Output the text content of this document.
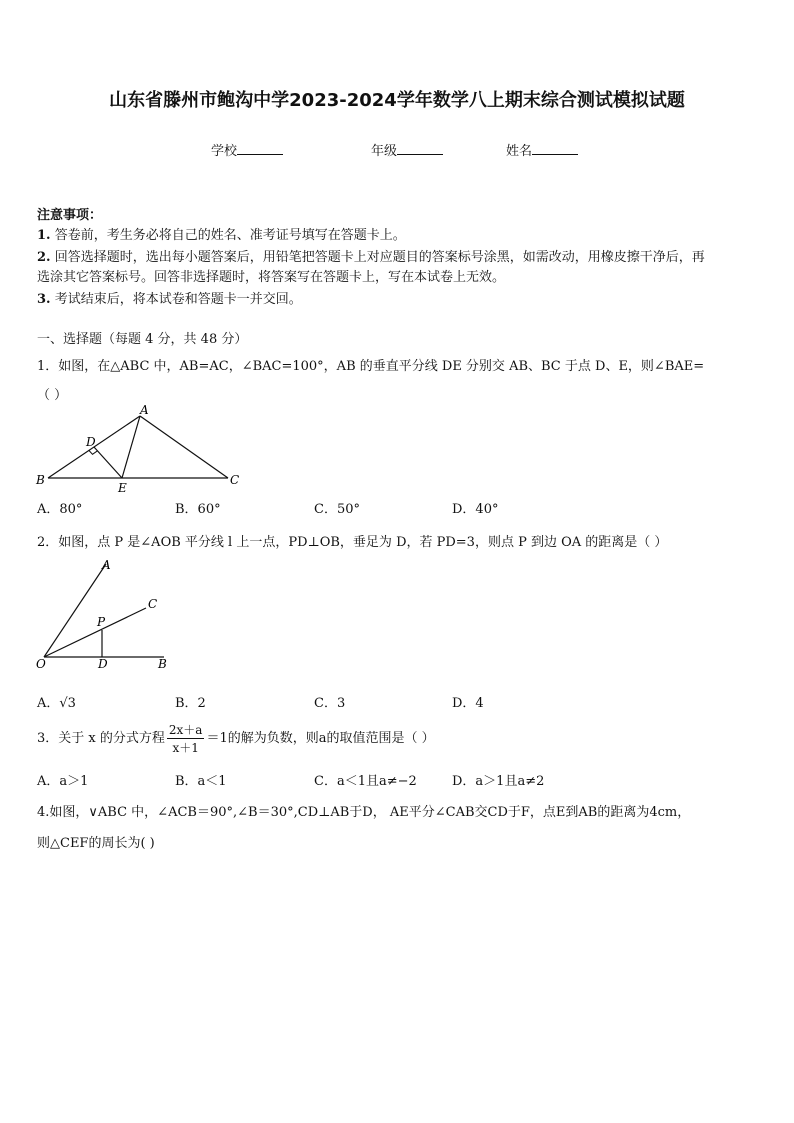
山东省滕州市鲍沟中学2023-2024学年数学八上期末综合测试模拟试题
学校	年级	姓名
注意事项：
1. 答卷前，考生务必将自己的姓名、准考证号填写在答题卡上。
2. 回答选择题时，选出每小题答案后，用铅笔把答题卡上对应题目的答案标号涂黑，如需改动，用橡皮擦干净后，再
选涂其它答案标号。回答非选择题时，将答案写在答题卡上，写在本试卷上无效。
3. 考试结束后，将本试卷和答题卡一并交回。
一、选择题（每题 4 分，共 48 分）
1．如图，在△ABC 中，AB=AC，∠BAC=100°，AB 的垂直平分线 DE 分别交 AB、BC 于点 D、E，则∠BAE=
（ ）
A
D
B
E
C
A．80°	B．60°	C．50°	D．40°
2．如图，点 P 是∠AOB 平分线 l 上一点，PD⊥OB，垂足为 D，若 PD=3，则点 P 到边 OA 的距离是（ ）
A
C
P
O	D	B
A．√3	B．2	C．3	D．4
3．关于 x 的分式方程 $\frac{2x+a}{x+1} =1$的解为负数，则a的取值范围是（ ）
A．a＞1	B．a＜1	C．a＜1且a≠−2	D．a＞1且a≠2
4.如图，∨ABC 中，∠ACB＝90°,∠B＝30°,CD⊥AB于D， AE平分∠CAB交CD于F，点E到AB的距离为4cm，
则△CEF的周长为( )
